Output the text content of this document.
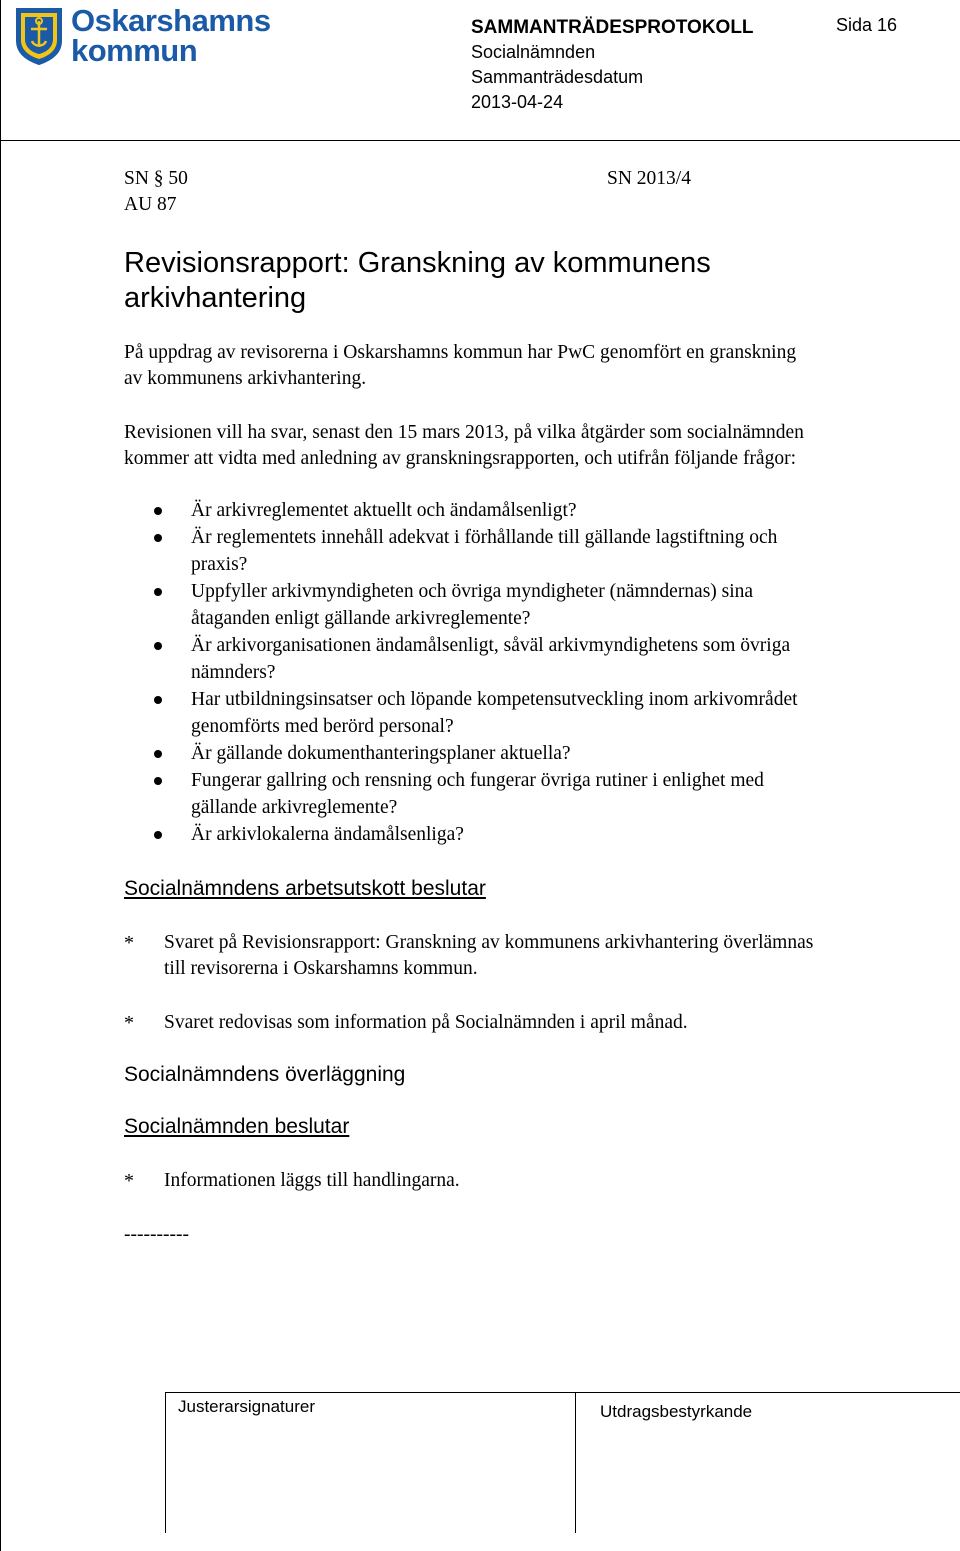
Oskarshamns
kommun
SAMMANTRÄDESPROTOKOLL	Sida 16
Socialnämnden
Sammanträdesdatum
2013-04-24
SN § 50	SN 2013/4
AU 87
Revisionsrapport: Granskning av kommunens
arkivhantering
På uppdrag av revisorerna i Oskarshamns kommun har PwC genomfört en granskning
av kommunens arkivhantering.
Revisionen vill ha svar, senast den 15 mars 2013, på vilka åtgärder som socialnämnden
kommer att vidta med anledning av granskningsrapporten, och utifrån följande frågor:
Är arkivreglementet aktuellt och ändamålsenligt?
Är reglementets innehåll adekvat i förhållande till gällande lagstiftning och
praxis?
Uppfyller arkivmyndigheten och övriga myndigheter (nämndernas) sina
åtaganden enligt gällande arkivreglemente?
Är arkivorganisationen ändamålsenligt, såväl arkivmyndighetens som övriga
nämnders?
Har utbildningsinsatser och löpande kompetensutveckling inom arkivområdet
genomförts med berörd personal?
Är gällande dokumenthanteringsplaner aktuella?
Fungerar gallring och rensning och fungerar övriga rutiner i enlighet med
gällande arkivreglemente?
Är arkivlokalerna ändamålsenliga?
Socialnämndens arbetsutskott beslutar
*	Svaret på Revisionsrapport: Granskning av kommunens arkivhantering överlämnas
till revisorerna i Oskarshamns kommun.
*	Svaret redovisas som information på Socialnämnden i april månad.
Socialnämndens överläggning
Socialnämnden beslutar
*	Informationen läggs till handlingarna.
----------
Justerarsignaturer	Utdragsbestyrkande
